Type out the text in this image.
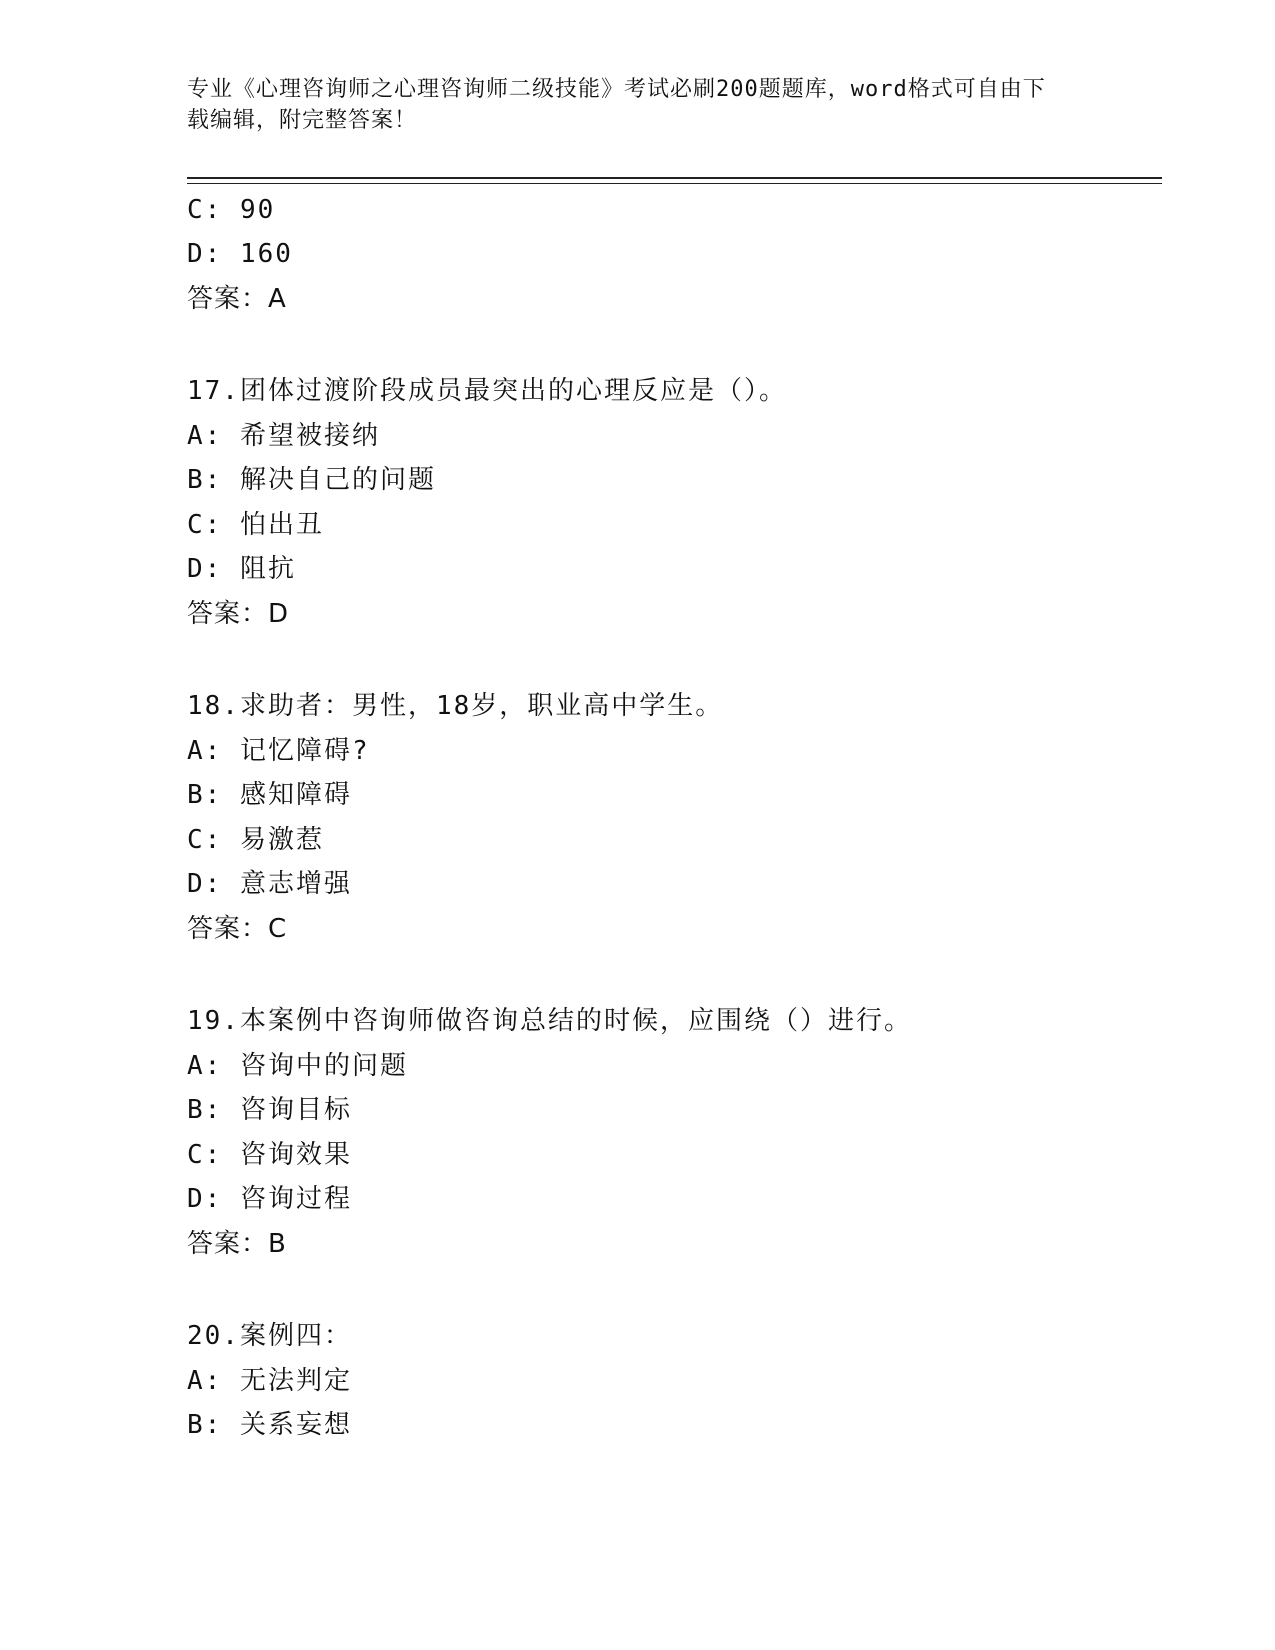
专业《心理咨询师之心理咨询师二级技能》考试必刷200题题库，word格式可自由下载编辑，附完整答案！
C: 90
D: 160
答案：A
17.团体过渡阶段成员最突出的心理反应是（）。
A: 希望被接纳
B: 解决自己的问题
C: 怕出丑
D: 阻抗
答案：D
18.求助者：男性，18岁，职业高中学生。
A: 记忆障碍?
B: 感知障碍
C: 易激惹
D: 意志增强
答案：C
19.本案例中咨询师做咨询总结的时候，应围绕（）进行。
A: 咨询中的问题
B: 咨询目标
C: 咨询效果
D: 咨询过程
答案：B
20.案例四：
A: 无法判定
B: 关系妄想
